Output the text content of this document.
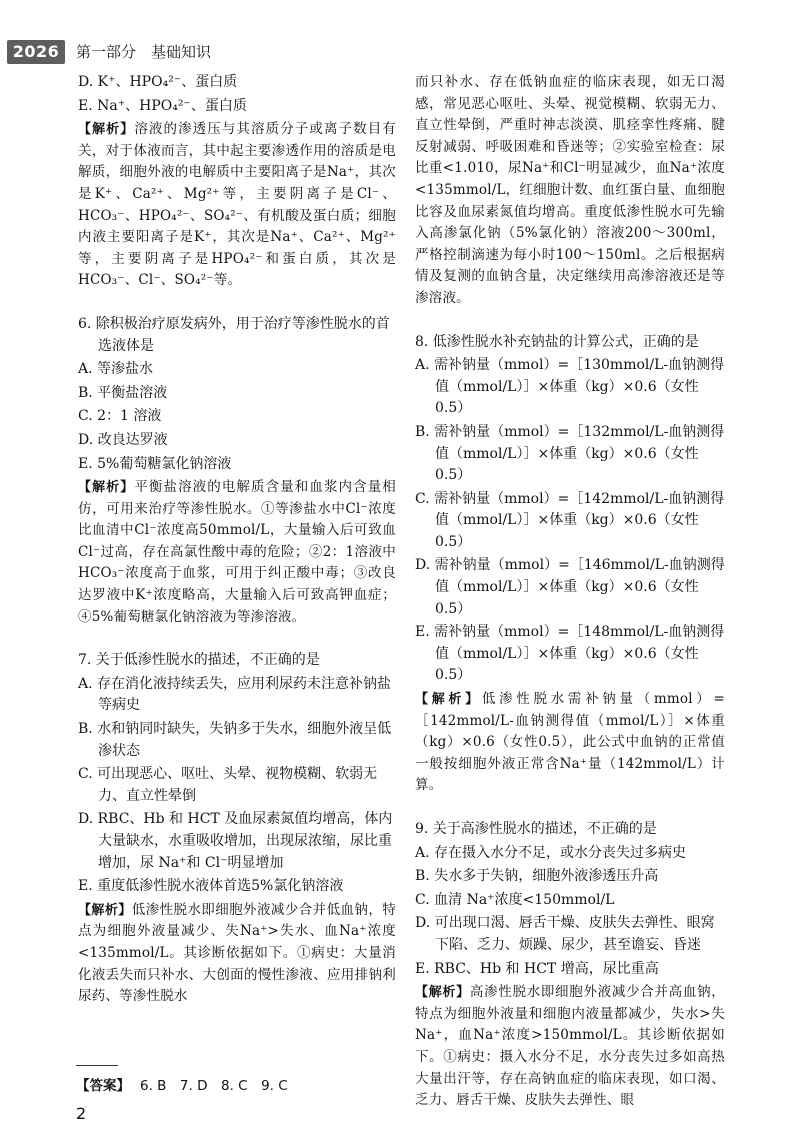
2026	第一部分　基础知识

D. K⁺、HPO₄²⁻、蛋白质

E. Na⁺、HPO₄²⁻、蛋白质

【解析】溶液的渗透压与其溶质分子或离子数目有关，对于体液而言，其中起主要渗透作用的溶质是电解质，细胞外液的电解质中主要阳离子是Na⁺，其次是K⁺、Ca²⁺、Mg²⁺等，主要阴离子是Cl⁻、HCO₃⁻、HPO₄²⁻、SO₄²⁻、有机酸及蛋白质；细胞内液主要阳离子是K⁺，其次是Na⁺、Ca²⁺、Mg²⁺等，主要阴离子是HPO₄²⁻和蛋白质，其次是HCO₃⁻、Cl⁻、SO₄²⁻等。

6. 除积极治疗原发病外，用于治疗等渗性脱水的首选液体是

A. 等渗盐水

B. 平衡盐溶液

C. 2：1 溶液

D. 改良达罗液

E. 5%葡萄糖氯化钠溶液

【解析】平衡盐溶液的电解质含量和血浆内含量相仿，可用来治疗等渗性脱水。①等渗盐水中Cl⁻浓度比血清中Cl⁻浓度高50mmol/L，大量输入后可致血Cl⁻过高，存在高氯性酸中毒的危险；②2：1溶液中HCO₃⁻浓度高于血浆，可用于纠正酸中毒；③改良达罗液中K⁺浓度略高，大量输入后可致高钾血症；④5%葡萄糖氯化钠溶液为等渗溶液。

7. 关于低渗性脱水的描述，不正确的是

A. 存在消化液持续丢失，应用利尿药未注意补钠盐等病史

B. 水和钠同时缺失，失钠多于失水，细胞外液呈低渗状态

C. 可出现恶心、呕吐、头晕、视物模糊、软弱无力、直立性晕倒

D. RBC、Hb 和 HCT 及血尿素氮值均增高，体内大量缺水，水重吸收增加，出现尿浓缩，尿比重增加，尿 Na⁺和 Cl⁻明显增加

E. 重度低渗性脱水液体首选5%氯化钠溶液

【解析】低渗性脱水即细胞外液减少合并低血钠，特点为细胞外液量减少、失Na⁺>失水、血Na⁺浓度<135mmol/L。其诊断依据如下。①病史：大量消化液丢失而只补水、大创面的慢性渗液、应用排钠利尿药、等渗性脱水

而只补水、存在低钠血症的临床表现，如无口渴感，常见恶心呕吐、头晕、视觉模糊、软弱无力、直立性晕倒，严重时神志淡漠、肌痉挛性疼痛、腱反射减弱、呼吸困难和昏迷等；②实验室检查：尿比重<1.010，尿Na⁺和Cl⁻明显减少，血Na⁺浓度<135mmol/L，红细胞计数、血红蛋白量、血细胞比容及血尿素氮值均增高。重度低渗性脱水可先输入高渗氯化钠（5%氯化钠）溶液200～300ml，严格控制滴速为每小时100～150ml。之后根据病情及复测的血钠含量，决定继续用高渗溶液还是等渗溶液。

8. 低渗性脱水补充钠盐的计算公式，正确的是

A. 需补钠量（mmol）=［130mmol/L-血钠测得值（mmol/L）］×体重（kg）×0.6（女性 0.5）

B. 需补钠量（mmol）=［132mmol/L-血钠测得值（mmol/L）］×体重（kg）×0.6（女性 0.5）

C. 需补钠量（mmol）=［142mmol/L-血钠测得值（mmol/L）］×体重（kg）×0.6（女性 0.5）

D. 需补钠量（mmol）=［146mmol/L-血钠测得值（mmol/L）］×体重（kg）×0.6（女性 0.5）

E. 需补钠量（mmol）=［148mmol/L-血钠测得值（mmol/L）］×体重（kg）×0.6（女性 0.5）

【解析】低渗性脱水需补钠量（mmol）=［142mmol/L-血钠测得值（mmol/L）］×体重（kg）×0.6（女性0.5），此公式中血钠的正常值一般按细胞外液正常含Na⁺量（142mmol/L）计算。

9. 关于高渗性脱水的描述，不正确的是

A. 存在摄入水分不足，或水分丧失过多病史

B. 失水多于失钠，细胞外液渗透压升高

C. 血清 Na⁺浓度<150mmol/L

D. 可出现口渴、唇舌干燥、皮肤失去弹性、眼窝下陷、乏力、烦躁、尿少，甚至谵妄、昏迷

E. RBC、Hb 和 HCT 增高，尿比重高

【解析】高渗性脱水即细胞外液减少合并高血钠，特点为细胞外液量和细胞内液量都减少，失水>失Na⁺，血Na⁺浓度>150mmol/L。其诊断依据如下。①病史：摄入水分不足，水分丧失过多如高热大量出汗等，存在高钠血症的临床表现，如口渴、乏力、唇舌干燥、皮肤失去弹性、眼

【答案】 6. B　7. D　8. C　9. C
2
